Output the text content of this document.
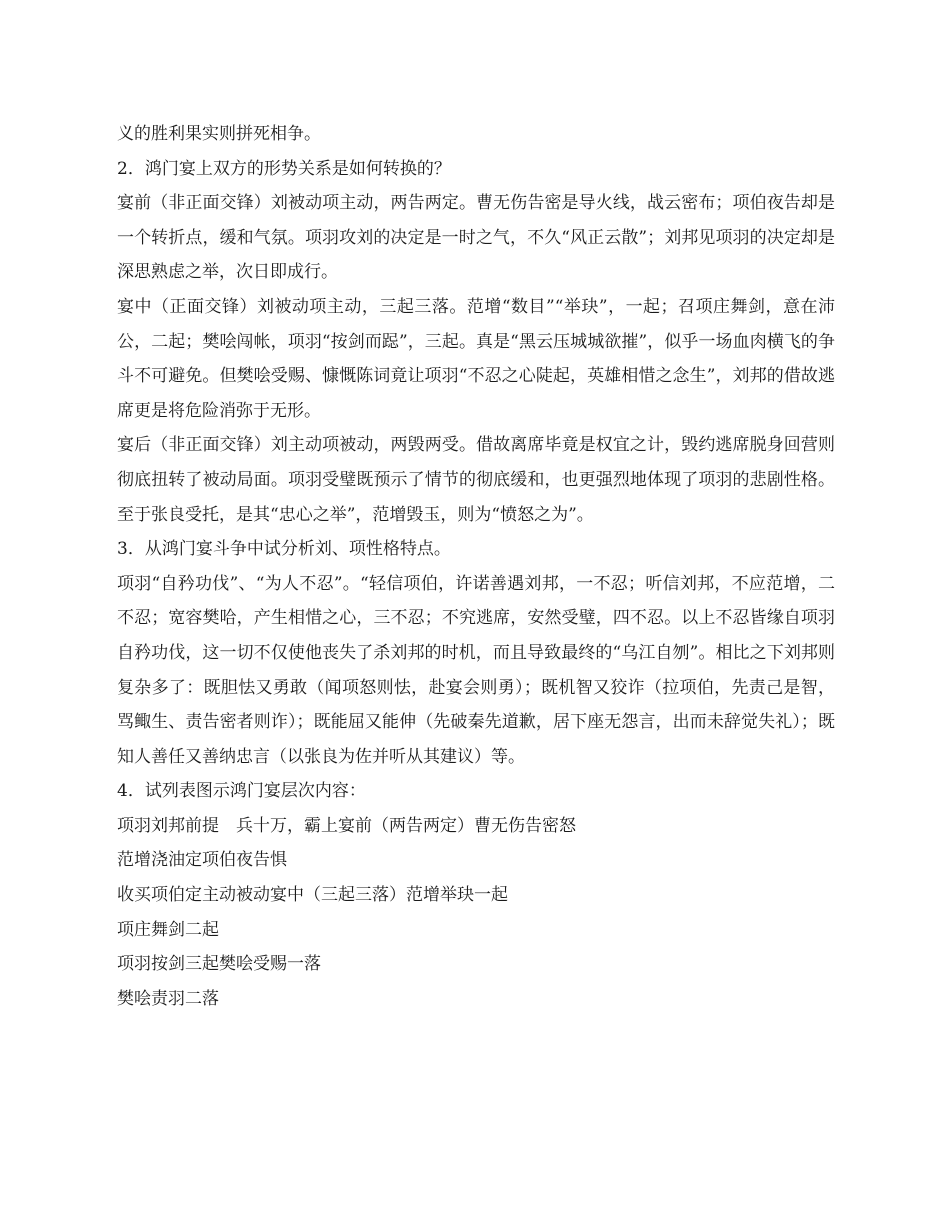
义的胜利果实则拼死相争。

2．鸿门宴上双方的形势关系是如何转换的？

宴前（非正面交锋）刘被动项主动，两告两定。曹无伤告密是导火线，战云密布；项伯夜告却是一个转折点，缓和气氛。项羽攻刘的决定是一时之气，不久“风正云散”；刘邦见项羽的决定却是深思熟虑之举，次日即成行。

宴中（正面交锋）刘被动项主动，三起三落。范增“数目”“举玦”，一起；召项庄舞剑，意在沛公，二起；樊哙闯帐，项羽“按剑而跽”，三起。真是“黑云压城城欲摧”，似乎一场血肉横飞的争斗不可避免。但樊哙受赐、慷慨陈词竟让项羽“不忍之心陡起，英雄相惜之念生”，刘邦的借故逃席更是将危险消弥于无形。

宴后（非正面交锋）刘主动项被动，两毁两受。借故离席毕竟是权宜之计，毁约逃席脱身回营则彻底扭转了被动局面。项羽受璧既预示了情节的彻底缓和，也更强烈地体现了项羽的悲剧性格。至于张良受托，是其“忠心之举”，范增毁玉，则为“愤怒之为”。

3．从鸿门宴斗争中试分析刘、项性格特点。

项羽“自矜功伐”、“为人不忍”。“轻信项伯，许诺善遇刘邦，一不忍；听信刘邦，不应范增，二不忍；宽容樊哈，产生相惜之心，三不忍；不究逃席，安然受璧，四不忍。以上不忍皆缘自项羽自矜功伐，这一切不仅使他丧失了杀刘邦的时机，而且导致最终的“乌江自刎”。相比之下刘邦则复杂多了：既胆怯又勇敢（闻项怒则怯，赴宴会则勇）；既机智又狡诈（拉项伯，先责己是智，骂鲰生、责告密者则诈）；既能屈又能伸（先破秦先道歉，居下座无怨言，出而未辞觉失礼）；既知人善任又善纳忠言（以张良为佐并听从其建议）等。

4．试列表图示鸿门宴层次内容：

项羽刘邦前提　兵十万，霸上宴前（两告两定）曹无伤告密怒

范增浇油定项伯夜告惧

收买项伯定主动被动宴中（三起三落）范增举玦一起

项庄舞剑二起

项羽按剑三起樊哙受赐一落

樊哙责羽二落
